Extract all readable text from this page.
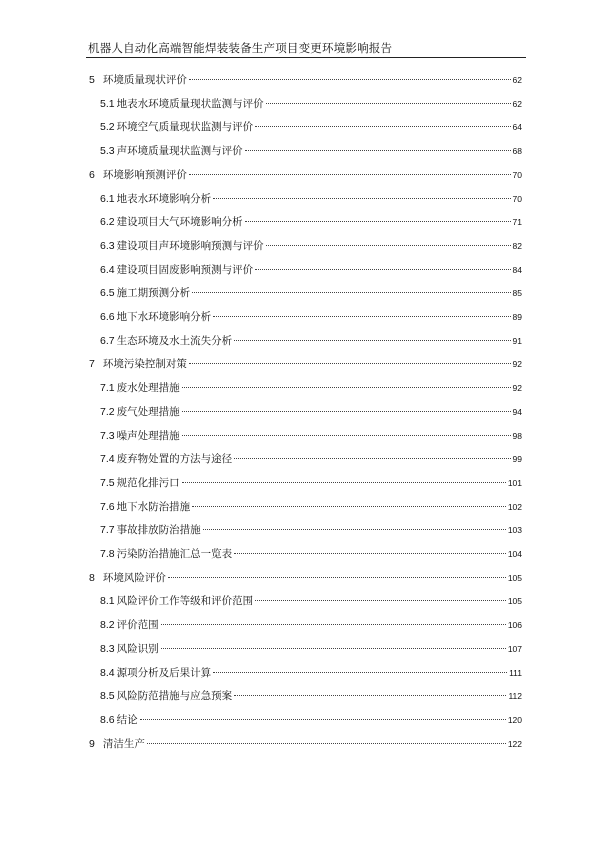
机器人自动化高端智能焊装装备生产项目变更环境影响报告
5 环境质量现状评价	62
5.1 地表水环境质量现状监测与评价	62
5.2 环境空气质量现状监测与评价	64
5.3 声环境质量现状监测与评价	68
6 环境影响预测评价	70
6.1 地表水环境影响分析	70
6.2 建设项目大气环境影响分析	71
6.3 建设项目声环境影响预测与评价	82
6.4 建设项目固废影响预测与评价	84
6.5 施工期预测分析	85
6.6 地下水环境影响分析	89
6.7 生态环境及水土流失分析	91
7 环境污染控制对策	92
7.1 废水处理措施	92
7.2 废气处理措施	94
7.3 噪声处理措施	98
7.4 废弃物处置的方法与途径	99
7.5 规范化排污口	101
7.6 地下水防治措施	102
7.7 事故排放防治措施	103
7.8 污染防治措施汇总一览表	104
8 环境风险评价	105
8.1 风险评价工作等级和评价范围	105
8.2 评价范围	106
8.3 风险识别	107
8.4 源项分析及后果计算	111
8.5 风险防范措施与应急预案	112
8.6 结论	120
9 清洁生产	122
